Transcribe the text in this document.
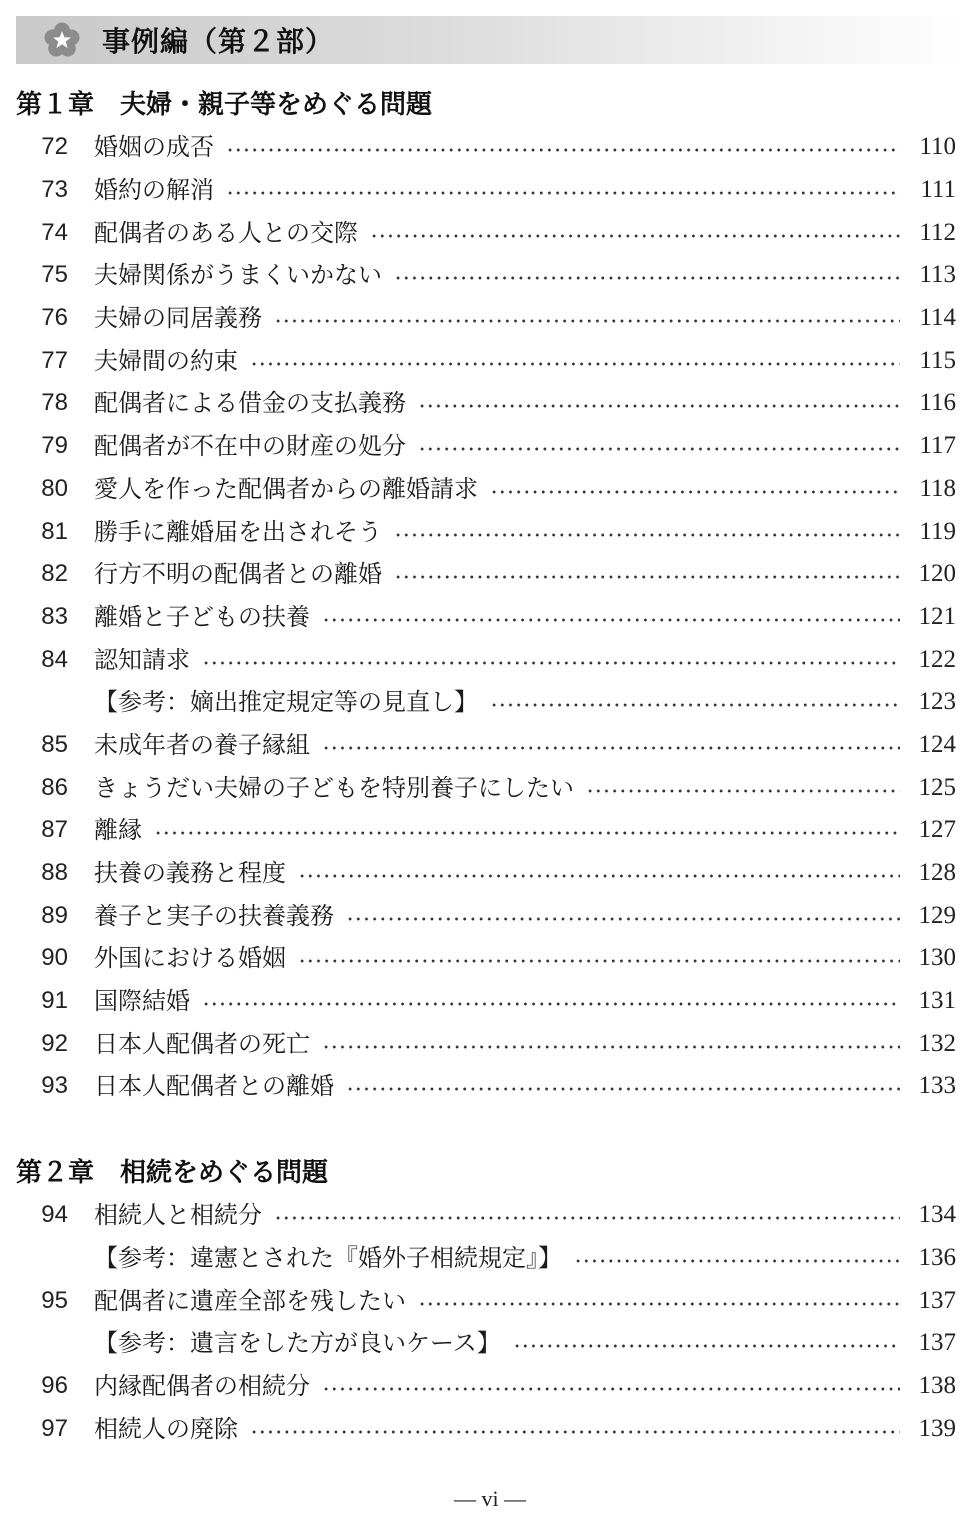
事例編（第２部）
第１章　夫婦・親子等をめぐる問題
72	婚姻の成否	110
73	婚約の解消	111
74	配偶者のある人との交際	112
75	夫婦関係がうまくいかない	113
76	夫婦の同居義務	114
77	夫婦間の約束	115
78	配偶者による借金の支払義務	116
79	配偶者が不在中の財産の処分	117
80	愛人を作った配偶者からの離婚請求	118
81	勝手に離婚届を出されそう	119
82	行方不明の配偶者との離婚	120
83	離婚と子どもの扶養	121
84	認知請求	122
【参考：嫡出推定規定等の見直し】	123
85	未成年者の養子縁組	124
86	きょうだい夫婦の子どもを特別養子にしたい	125
87	離縁	127
88	扶養の義務と程度	128
89	養子と実子の扶養義務	129
90	外国における婚姻	130
91	国際結婚	131
92	日本人配偶者の死亡	132
93	日本人配偶者との離婚	133
第２章　相続をめぐる問題
94	相続人と相続分	134
【参考：違憲とされた『婚外子相続規定』】	136
95	配偶者に遺産全部を残したい	137
【参考：遺言をした方が良いケース】	137
96	内縁配偶者の相続分	138
97	相続人の廃除	139
— vi —
